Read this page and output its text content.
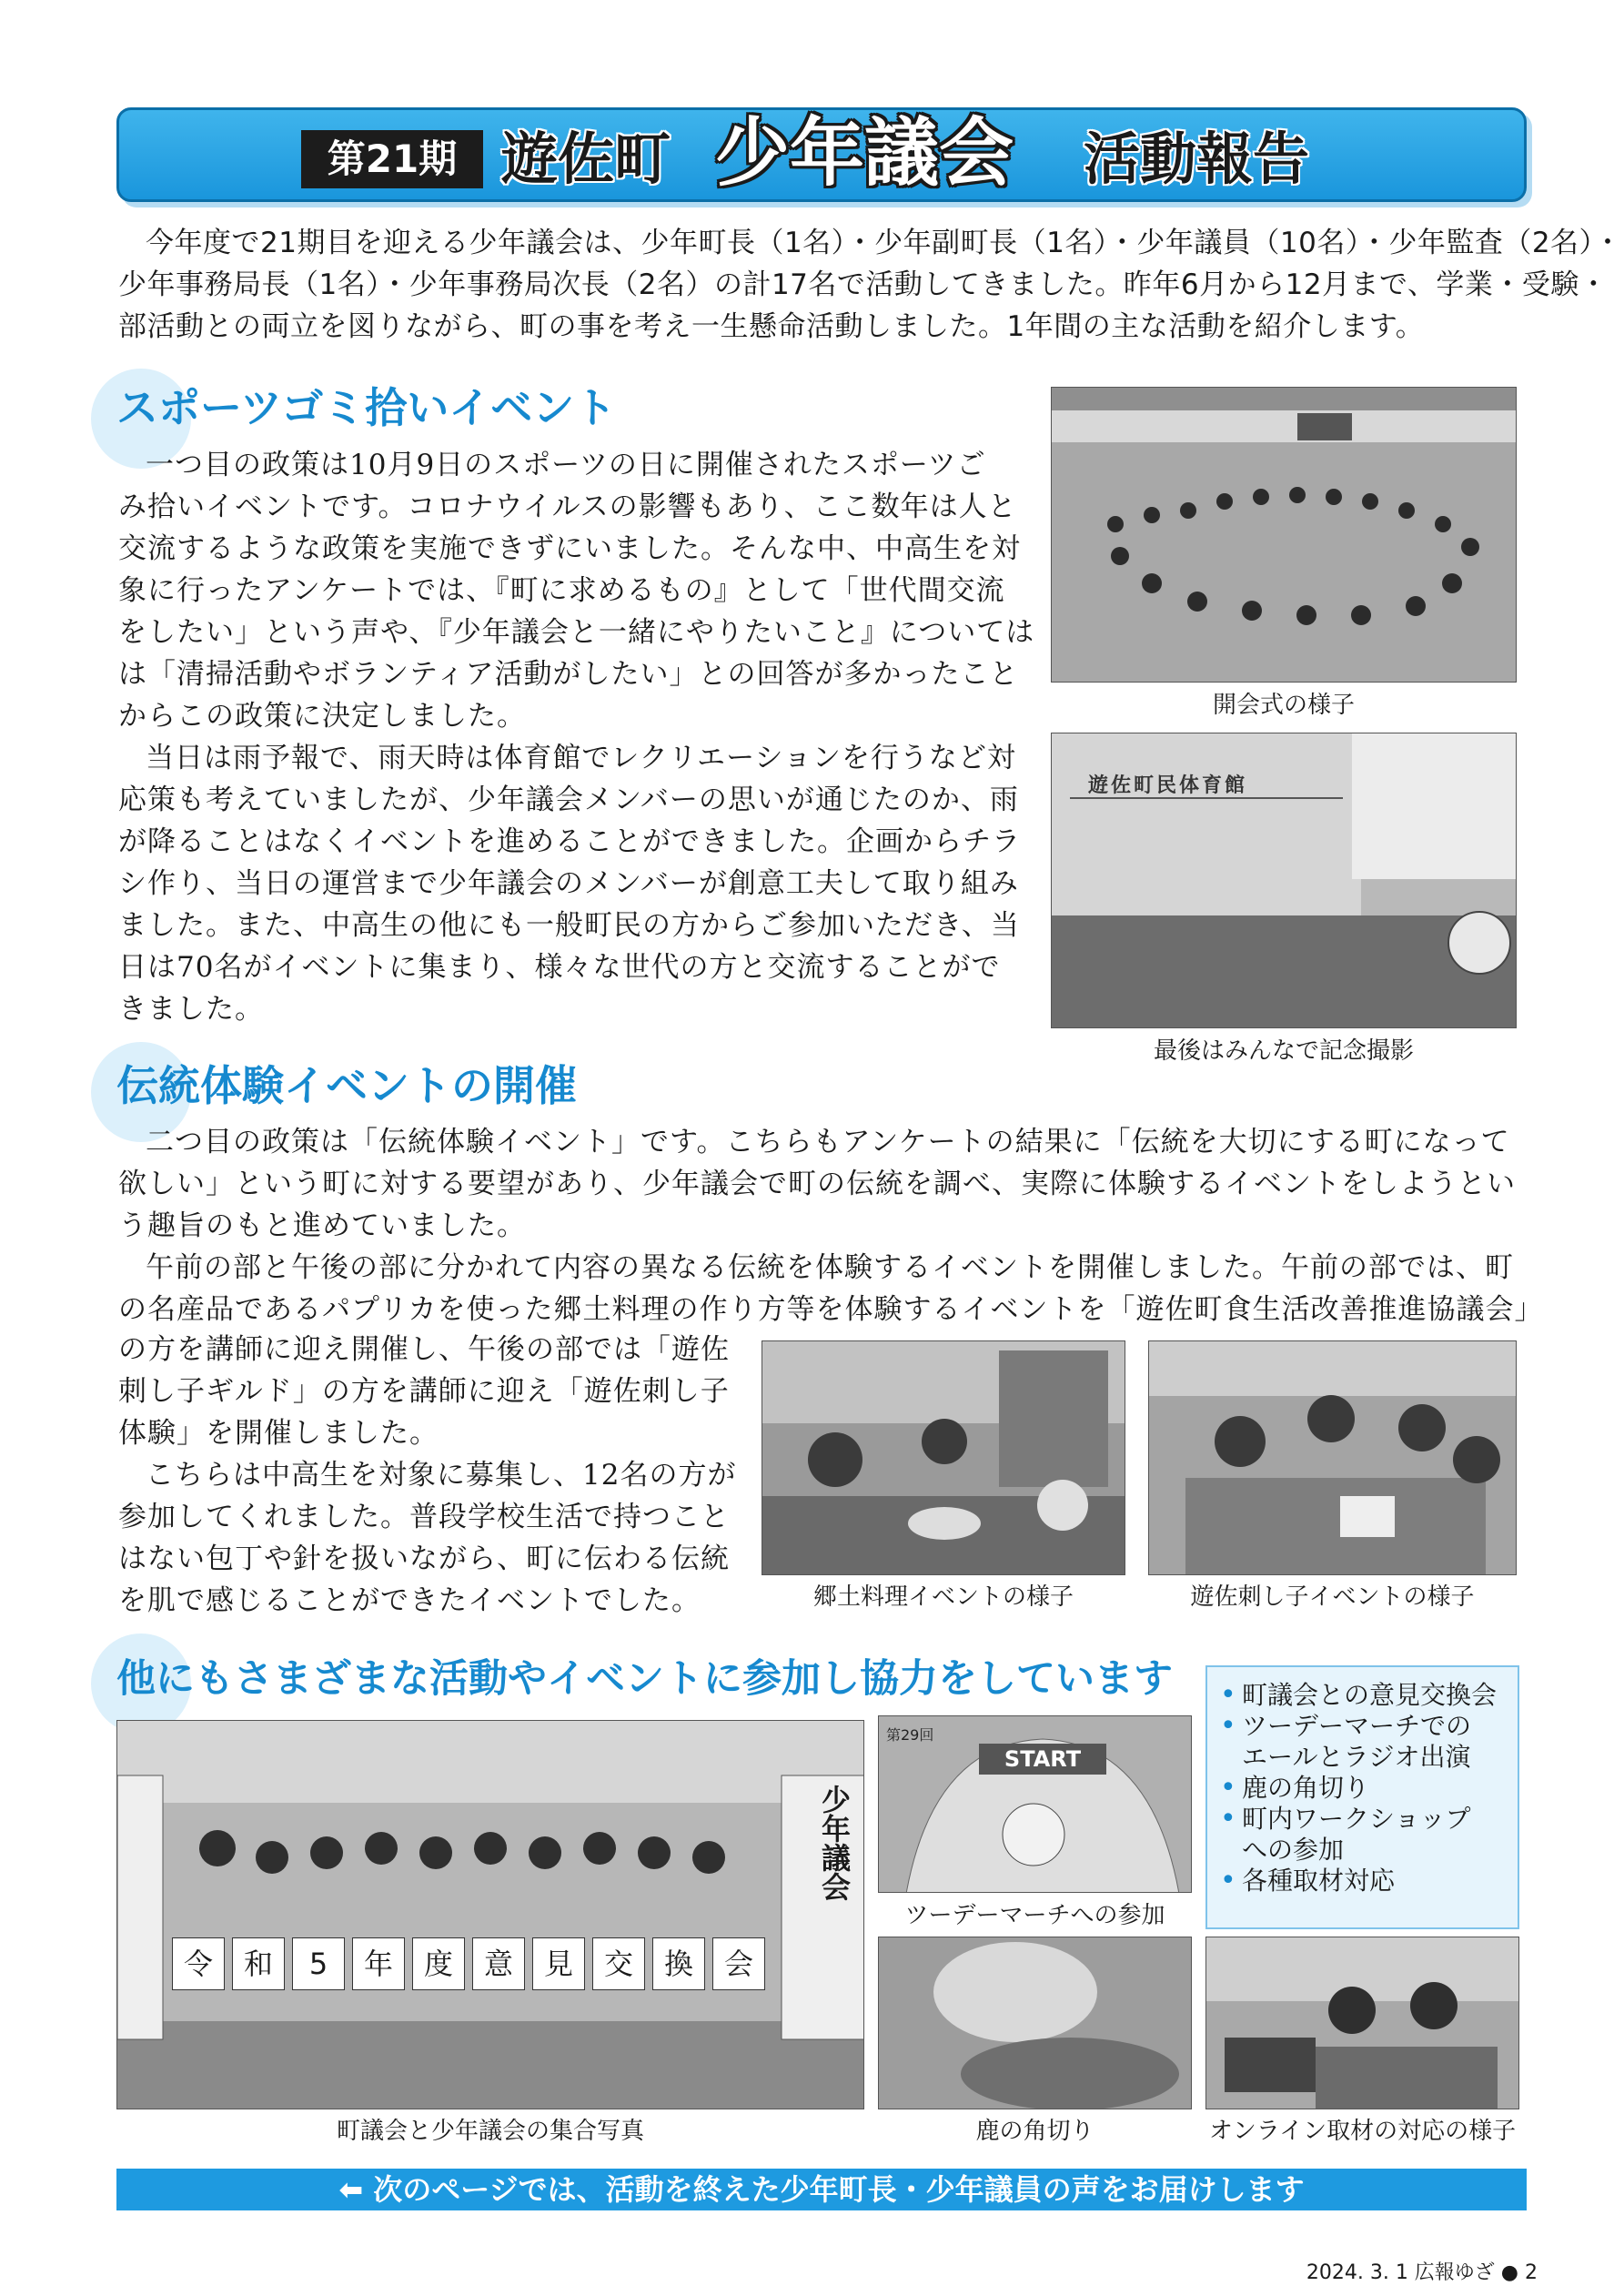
第21期 遊佐町 少年議会 活動報告

今年度で21期目を迎える少年議会は、少年町長（1名）・少年副町長（1名）・少年議員（10名）・少年監査（2名）・

少年事務局長（1名）・少年事務局次長（2名）の計17名で活動してきました。昨年6月から12月まで、学業・受験・

部活動との両立を図りながら、町の事を考え一生懸命活動しました。1年間の主な活動を紹介します。

スポーツゴミ拾いイベント

一つ目の政策は10月9日のスポーツの日に開催されたスポーツご

み拾いイベントです。コロナウイルスの影響もあり、ここ数年は人と

交流するような政策を実施できずにいました。そんな中、中高生を対

象に行ったアンケートでは、『町に求めるもの』として「世代間交流

をしたい」という声や、『少年議会と一緒にやりたいこと』については

は「清掃活動やボランティア活動がしたい」との回答が多かったこと

からこの政策に決定しました。

当日は雨予報で、雨天時は体育館でレクリエーションを行うなど対

応策も考えていましたが、少年議会メンバーの思いが通じたのか、雨

が降ることはなくイベントを進めることができました。企画からチラ

シ作り、当日の運営まで少年議会のメンバーが創意工夫して取り組み

ました。また、中高生の他にも一般町民の方からご参加いただき、当

日は70名がイベントに集まり、様々な世代の方と交流することがで

きました。

開会式の様子
遊佐町民体育館
最後はみんなで記念撮影
伝統体験イベントの開催

二つ目の政策は「伝統体験イベント」です。こちらもアンケートの結果に「伝統を大切にする町になって

欲しい」という町に対する要望があり、少年議会で町の伝統を調べ、実際に体験するイベントをしようとい

う趣旨のもと進めていました。

午前の部と午後の部に分かれて内容の異なる伝統を体験するイベントを開催しました。午前の部では、町

の名産品であるパプリカを使った郷土料理の作り方等を体験するイベントを「遊佐町食生活改善推進協議会」

の方を講師に迎え開催し、午後の部では「遊佐

刺し子ギルド」の方を講師に迎え「遊佐刺し子

体験」を開催しました。

こちらは中高生を対象に募集し、12名の方が

参加してくれました。普段学校生活で持つこと

はない包丁や針を扱いながら、町に伝わる伝統

を肌で感じることができたイベントでした。	郷土料理イベントの様子	遊佐刺し子イベントの様子
他にもさまざまな活動やイベントに参加し協力をしています
•	町議会との意見交換会
• ツーデーマーチでの
エールとラジオ出演
• 鹿の角切り
• 町内ワークショップ
への参加
• 各種取材対応
少年議会
令	和	5	年	度	意	見	交	換	会
町議会と少年議会の集合写真
START
第29回
ツーデーマーチへの参加
鹿の角切り	オンライン取材の対応の様子
⬅ 次のページでは、活動を終えた少年町長・少年議員の声をお届けします
2024. 3. 1 広報ゆざ ● 2
